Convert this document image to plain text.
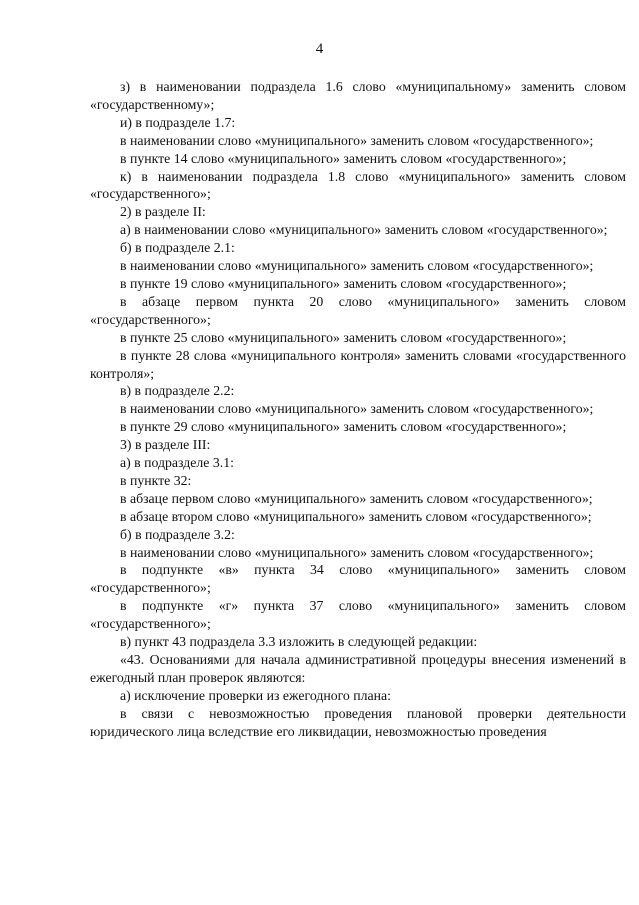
4

з) в наименовании подраздела 1.6 слово «муниципальному» заменить словом «государственному»;

и) в подразделе 1.7:

в наименовании слово «муниципального» заменить словом «государственного»;

в пункте 14 слово «муниципального» заменить словом «государственного»;

к) в наименовании подраздела 1.8 слово «муниципального» заменить словом «государственного»;

2) в разделе II:

а) в наименовании слово «муниципального» заменить словом «государственного»;

б) в подразделе 2.1:

в наименовании слово «муниципального» заменить словом «государственного»;

в пункте 19 слово «муниципального» заменить словом «государственного»;

в абзаце первом пункта 20 слово «муниципального» заменить словом «государственного»;

в пункте 25 слово «муниципального» заменить словом «государственного»;

в пункте 28 слова «муниципального контроля» заменить словами «государственного контроля»;

в) в подразделе 2.2:

в наименовании слово «муниципального» заменить словом «государственного»;

в пункте 29 слово «муниципального» заменить словом «государственного»;

3) в разделе III:

а) в подразделе 3.1:

в пункте 32:

в абзаце первом слово «муниципального» заменить словом «государственного»;

в абзаце втором слово «муниципального» заменить словом «государственного»;

б) в подразделе 3.2:

в наименовании слово «муниципального» заменить словом «государственного»;

в подпункте «в» пункта 34 слово «муниципального» заменить словом «государственного»;

в подпункте «г» пункта 37 слово «муниципального» заменить словом «государственного»;

в) пункт 43 подраздела 3.3 изложить в следующей редакции:

«43. Основаниями для начала административной процедуры внесения изменений в ежегодный план проверок являются:

а) исключение проверки из ежегодного плана:

в связи с невозможностью проведения плановой проверки деятельности юридического лица вследствие его ликвидации, невозможностью проведения
